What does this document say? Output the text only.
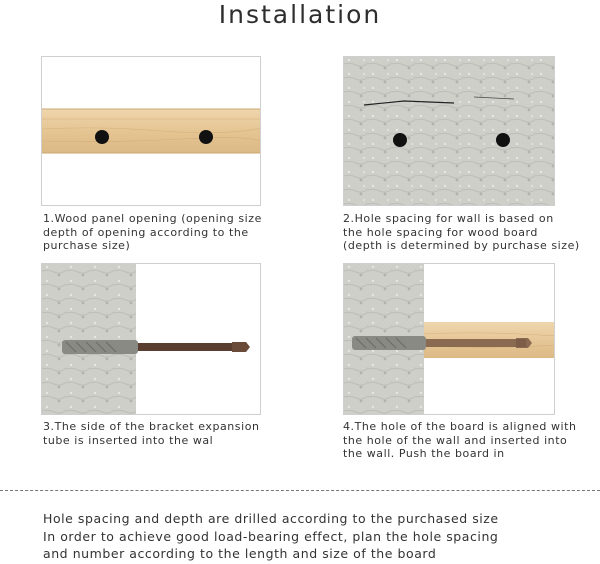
Installation
1.Wood panel opening (opening size
depth of opening according to the
purchase size)
2.Hole spacing for wall is based on
the hole spacing for wood board
(depth is determined by purchase size)
3.The side of the bracket expansion
tube is inserted into the wal
4.The hole of the board is aligned with
the hole of the wall and inserted into
the wall. Push the board in
Hole spacing and depth are drilled according to the purchased size
In order to achieve good load-bearing effect, plan the hole spacing
and number according to the length and size of the board
